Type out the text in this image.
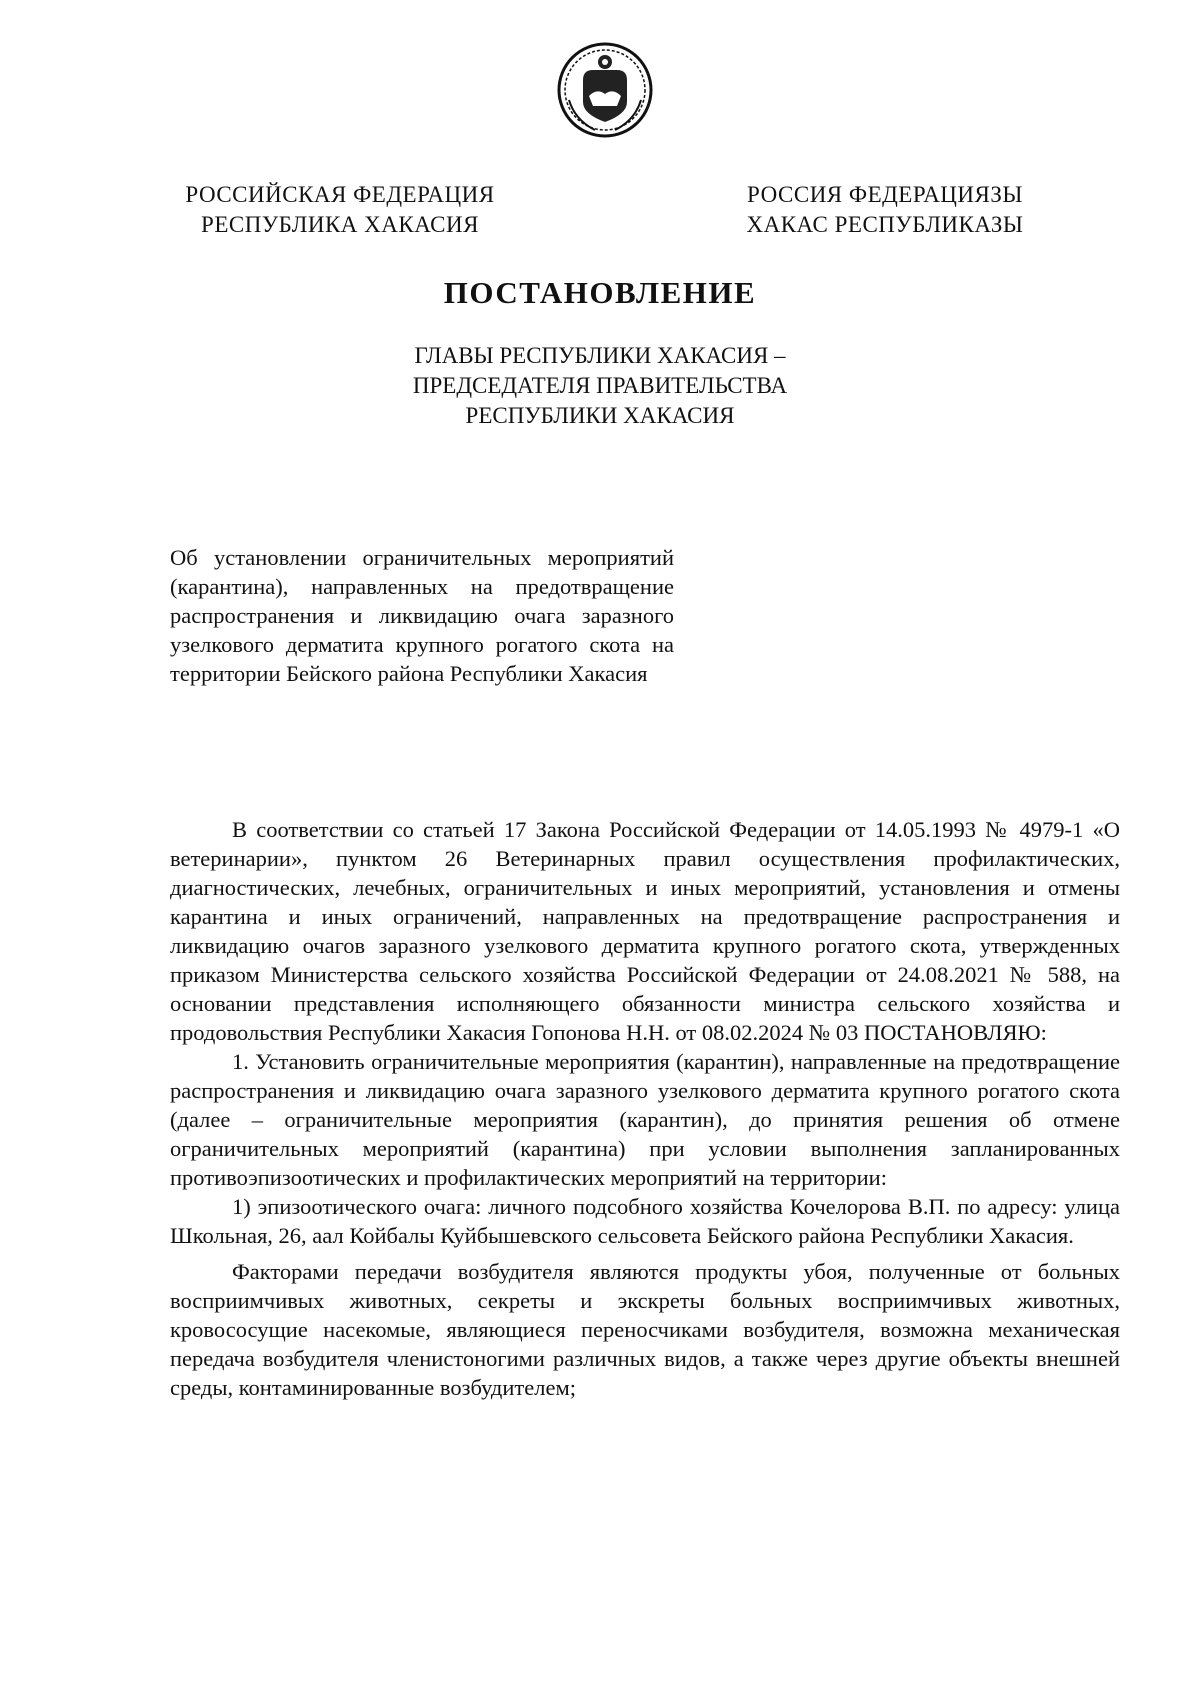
РОССИЙСКАЯ ФЕДЕРАЦИЯ
РЕСПУБЛИКА ХАКАСИЯ
РОССИЯ ФЕДЕРАЦИЯЗЫ
ХАКАС РЕСПУБЛИКАЗЫ
ПОСТАНОВЛЕНИЕ
ГЛАВЫ РЕСПУБЛИКИ ХАКАСИЯ –
ПРЕДСЕДАТЕЛЯ ПРАВИТЕЛЬСТВА
РЕСПУБЛИКИ ХАКАСИЯ
Об установлении ограничительных мероприятий (карантина), направленных на предотвращение распространения и ликвидацию очага заразного узелкового дерматита крупного рогатого скота на территории Бейского района Республики Хакасия

В соответствии со статьей 17 Закона Российской Федерации от 14.05.1993 № 4979-1 «О ветеринарии», пунктом 26 Ветеринарных правил осуществления профилактических, диагностических, лечебных, ограничительных и иных мероприятий, установления и отмены карантина и иных ограничений, направленных на предотвращение распространения и ликвидацию очагов заразного узелкового дерматита крупного рогатого скота, утвержденных приказом Министерства сельского хозяйства Российской Федерации от 24.08.2021 № 588, на основании представления исполняющего обязанности министра сельского хозяйства и продовольствия Республики Хакасия Гопонова Н.Н. от 08.02.2024 № 03 ПОСТАНОВЛЯЮ:

1. Установить ограничительные мероприятия (карантин), направленные на предотвращение распространения и ликвидацию очага заразного узелкового дерматита крупного рогатого скота (далее – ограничительные мероприятия (карантин), до принятия решения об отмене ограничительных мероприятий (карантина) при условии выполнения запланированных противоэпизоотических и профилактических мероприятий на территории:

1) эпизоотического очага: личного подсобного хозяйства Кочелорова В.П. по адресу: улица Школьная, 26, аал Койбалы Куйбышевского сельсовета Бейского района Республики Хакасия.

Факторами передачи возбудителя являются продукты убоя, полученные от больных восприимчивых животных, секреты и экскреты больных восприимчивых животных, кровососущие насекомые, являющиеся переносчиками возбудителя, возможна механическая передача возбудителя членистоногими различных видов, а также через другие объекты внешней среды, контаминированные возбудителем;
